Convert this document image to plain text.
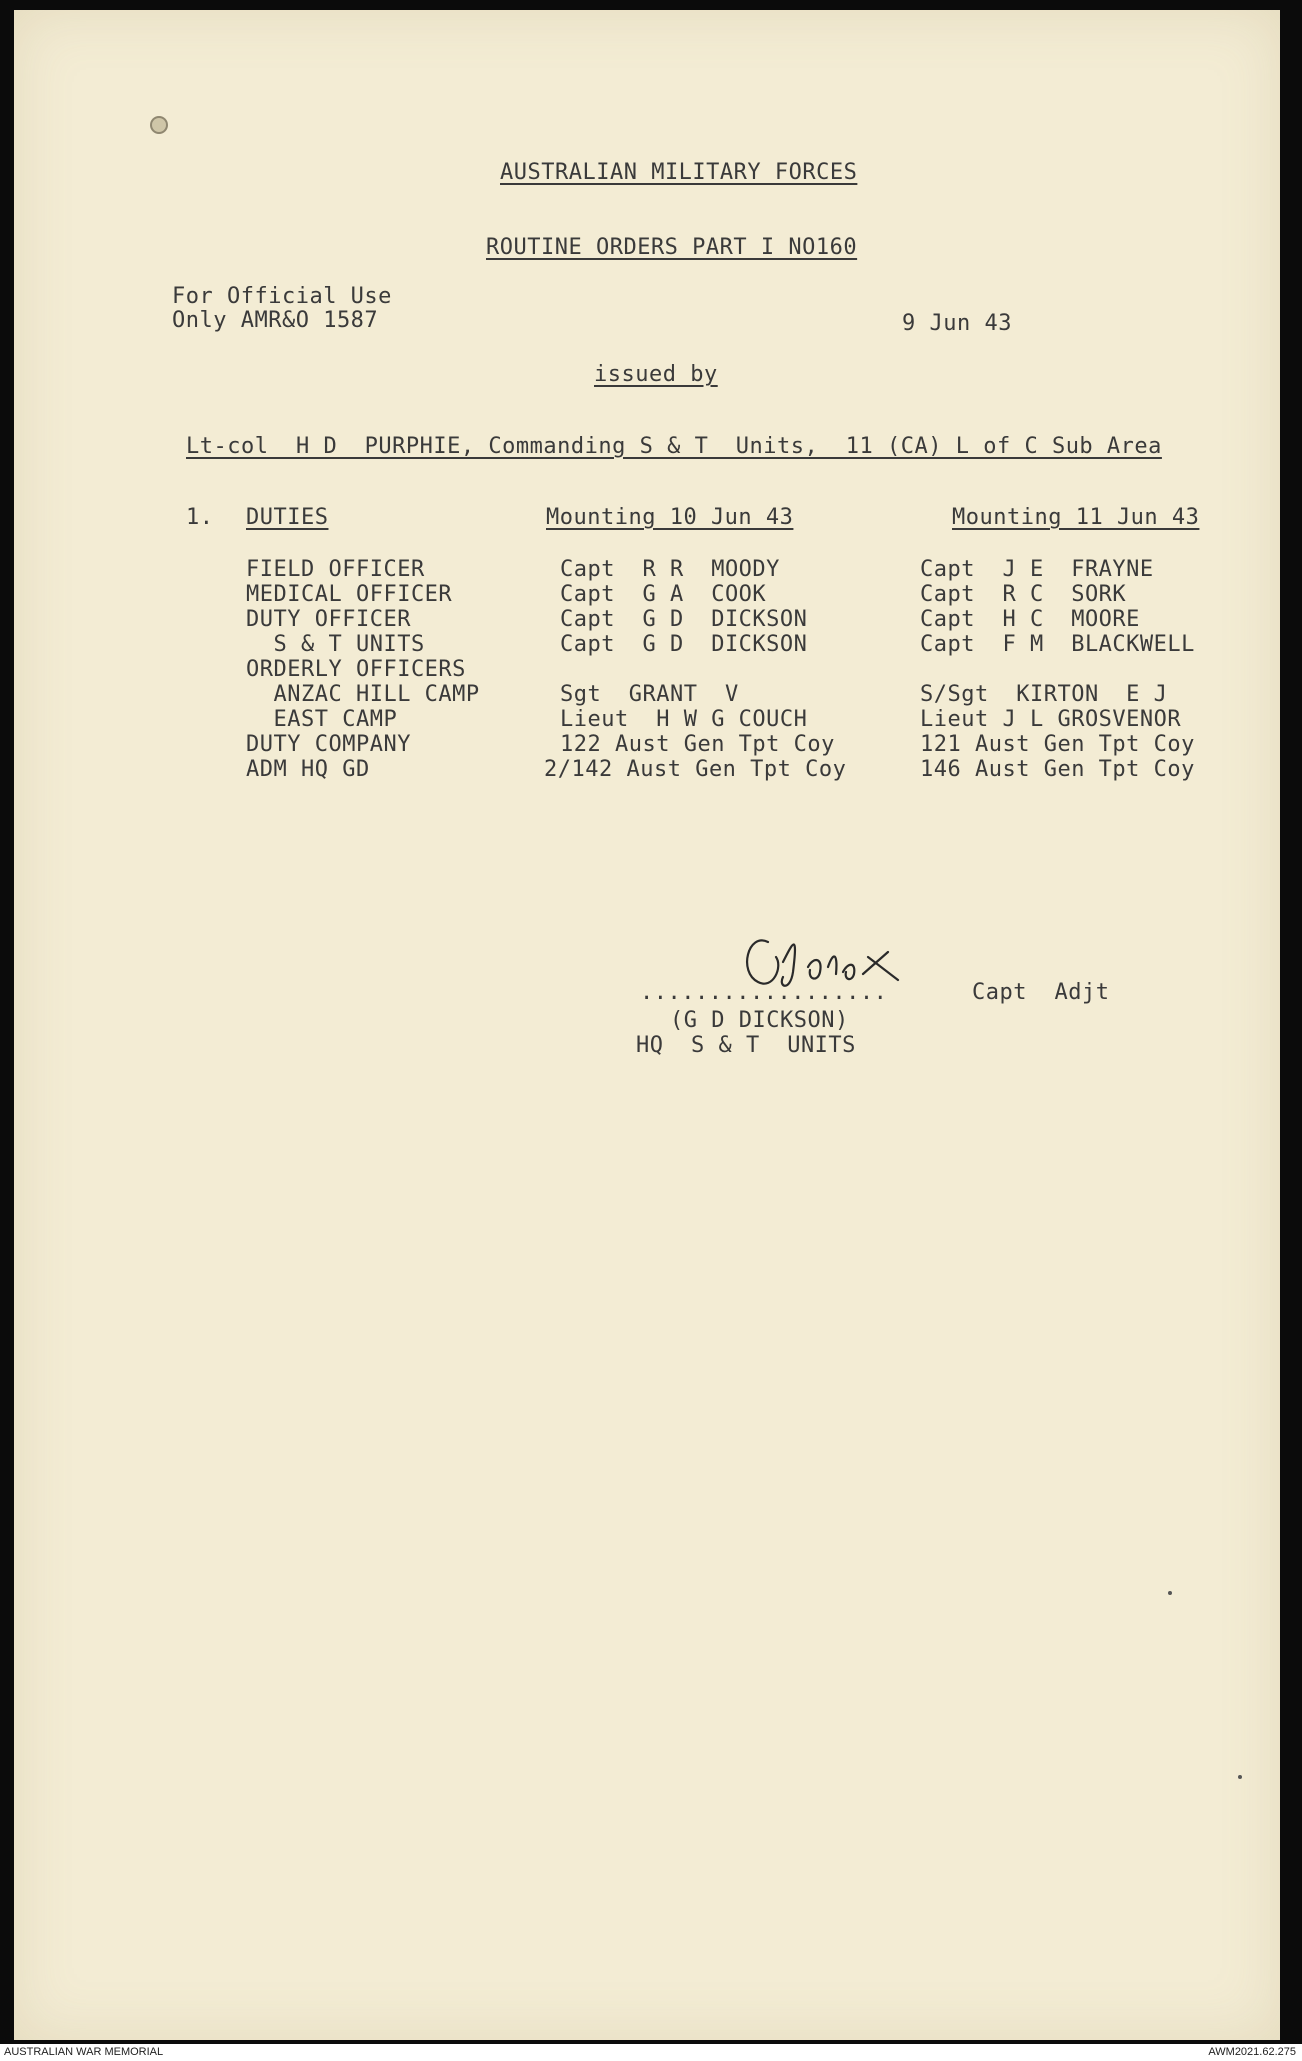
AUSTRALIAN MILITARY FORCES
ROUTINE ORDERS PART I NO160
For Official Use
Only AMR&O 1587	9 Jun 43
issued by
Lt-col  H D  PURPHIE, Commanding S & T  Units,  11 (CA) L of C Sub Area
1. DUTIES	Mounting 10 Jun 43	Mounting 11 Jun 43
FIELD OFFICER	Capt  R R  MOODY	Capt  J E  FRAYNE
MEDICAL OFFICER	Capt  G A  COOK	Capt  R C  SORK
DUTY OFFICER	Capt  G D  DICKSON	Capt  H C  MOORE
S & T UNITS	Capt  G D  DICKSON	Capt  F M  BLACKWELL
ORDERLY OFFICERS
ANZAC HILL CAMP	Sgt  GRANT  V	S/Sgt  KIRTON  E J
EAST CAMP	Lieut  H W G COUCH	Lieut J L GROSVENOR
DUTY COMPANY	122 Aust Gen Tpt Coy	121 Aust Gen Tpt Coy
ADM HQ GD	2/142 Aust Gen Tpt Coy	146 Aust Gen Tpt Coy
..................	Capt  Adjt
(G D DICKSON)
HQ  S & T  UNITS
AUSTRALIAN WAR MEMORIAL	AWM2021.62.275
